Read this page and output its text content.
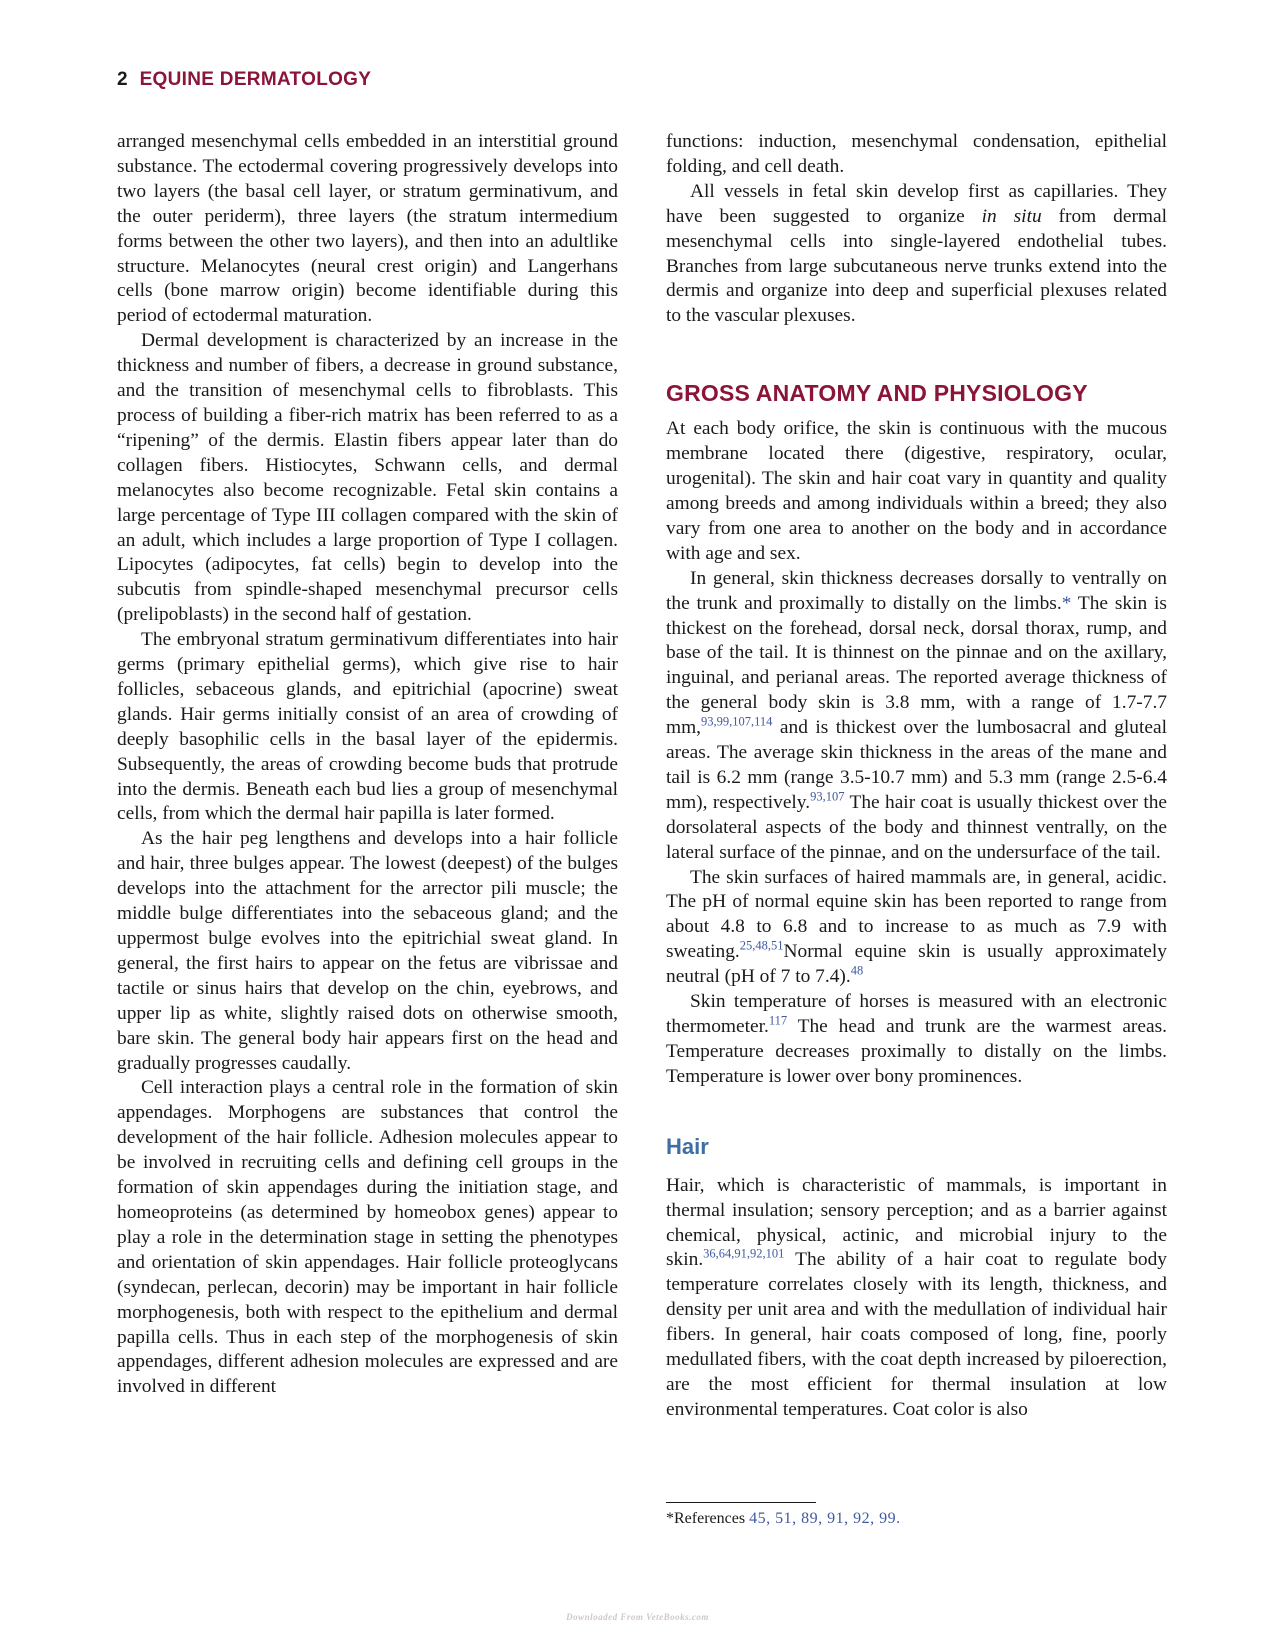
2 EQUINE DERMATOLOGY

arranged mesenchymal cells embedded in an interstitial ground substance. The ectodermal covering progressively develops into two layers (the basal cell layer, or stratum germinativum, and the outer periderm), three layers (the stratum intermedium forms between the other two layers), and then into an adultlike structure. Melanocytes (neural crest origin) and Langerhans cells (bone marrow origin) become identifiable during this period of ectodermal maturation.

Dermal development is characterized by an increase in the thickness and number of fibers, a decrease in ground substance, and the transition of mesenchymal cells to fibroblasts. This process of building a fiber-rich matrix has been referred to as a “ripening” of the dermis. Elastin fibers appear later than do collagen fibers. Histiocytes, Schwann cells, and dermal melanocytes also become recognizable. Fetal skin contains a large percentage of Type III collagen compared with the skin of an adult, which includes a large proportion of Type I collagen. Lipocytes (adipocytes, fat cells) begin to develop into the subcutis from spindle-shaped mesenchymal precursor cells (prelipoblasts) in the second half of gestation.

The embryonal stratum germinativum differentiates into hair germs (primary epithelial germs), which give rise to hair follicles, sebaceous glands, and epitrichial (apocrine) sweat glands. Hair germs initially consist of an area of crowding of deeply basophilic cells in the basal layer of the epidermis. Subsequently, the areas of crowding become buds that protrude into the dermis. Beneath each bud lies a group of mesenchymal cells, from which the dermal hair papilla is later formed.

As the hair peg lengthens and develops into a hair follicle and hair, three bulges appear. The lowest (deepest) of the bulges develops into the attachment for the arrector pili muscle; the middle bulge differentiates into the sebaceous gland; and the uppermost bulge evolves into the epitrichial sweat gland. In general, the first hairs to appear on the fetus are vibrissae and tactile or sinus hairs that develop on the chin, eyebrows, and upper lip as white, slightly raised dots on otherwise smooth, bare skin. The general body hair appears first on the head and gradually progresses caudally.

Cell interaction plays a central role in the formation of skin appendages. Morphogens are substances that control the development of the hair follicle. Adhesion molecules appear to be involved in recruiting cells and defining cell groups in the formation of skin appendages during the initiation stage, and homeoproteins (as determined by homeobox genes) appear to play a role in the determination stage in setting the phenotypes and orientation of skin appendages. Hair follicle proteoglycans (syndecan, perlecan, decorin) may be important in hair follicle morphogenesis, both with respect to the epithelium and dermal papilla cells. Thus in each step of the morphogenesis of skin appendages, different adhesion molecules are expressed and are involved in different

functions: induction, mesenchymal condensation, epithelial folding, and cell death.

All vessels in fetal skin develop first as capillaries. They have been suggested to organize in situ from dermal mesenchymal cells into single-layered endothelial tubes. Branches from large subcutaneous nerve trunks extend into the dermis and organize into deep and superficial plexuses related to the vascular plexuses.

GROSS ANATOMY AND PHYSIOLOGY

At each body orifice, the skin is continuous with the mucous membrane located there (digestive, respiratory, ocular, urogenital). The skin and hair coat vary in quantity and quality among breeds and among individuals within a breed; they also vary from one area to another on the body and in accordance with age and sex.

In general, skin thickness decreases dorsally to ventrally on the trunk and proximally to distally on the limbs.* The skin is thickest on the forehead, dorsal neck, dorsal thorax, rump, and base of the tail. It is thinnest on the pinnae and on the axillary, inguinal, and perianal areas. The reported average thickness of the general body skin is 3.8 mm, with a range of 1.7-7.7 mm,$^{93,99,107,114}$ and is thickest over the lumbosacral and gluteal areas. The average skin thickness in the areas of the mane and tail is 6.2 mm (range 3.5-10.7 mm) and 5.3 mm (range 2.5-6.4 mm), respectively.$^{93,107}$ The hair coat is usually thickest over the dorsolateral aspects of the body and thinnest ventrally, on the lateral surface of the pinnae, and on the undersurface of the tail.

The skin surfaces of haired mammals are, in general, acidic. The pH of normal equine skin has been reported to range from about 4.8 to 6.8 and to increase to as much as 7.9 with sweating.$^{25,48,51}$Normal equine skin is usually approximately neutral (pH of 7 to 7.4).$^{48}$

Skin temperature of horses is measured with an electronic thermometer.$^{117}$ The head and trunk are the warmest areas. Temperature decreases proximally to distally on the limbs. Temperature is lower over bony prominences.

Hair

Hair, which is characteristic of mammals, is important in thermal insulation; sensory perception; and as a barrier against chemical, physical, actinic, and microbial injury to the skin.$^{36,64,91,92,101}$ The ability of a hair coat to regulate body temperature correlates closely with its length, thickness, and density per unit area and with the medullation of individual hair fibers. In general, hair coats composed of long, fine, poorly medullated fibers, with the coat depth increased by piloerection, are the most efficient for thermal insulation at low environmental temperatures. Coat color is also

*References 45, 51, 89, 91, 92, 99.
Downloaded From VeteBooks.com
